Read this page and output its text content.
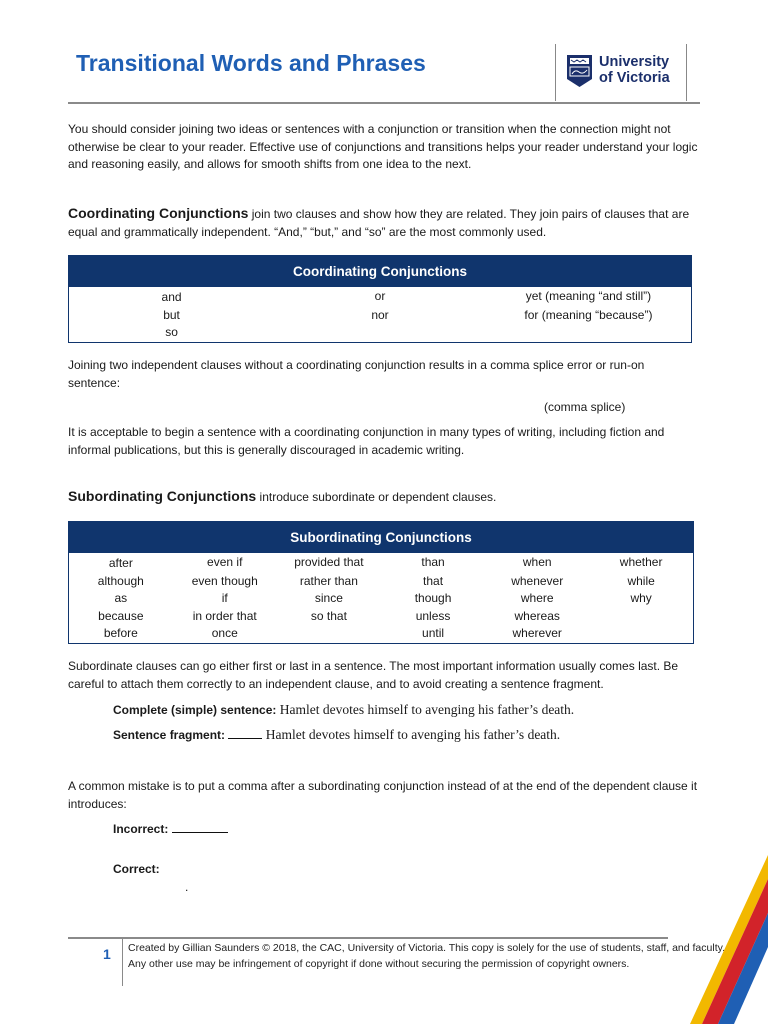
Transitional Words and Phrases	University
of Victoria
You should consider joining two ideas or sentences with a conjunction or transition when the connection might not otherwise be clear to your reader. Effective use of conjunctions and transitions helps your reader understand your logic and reasoning easily, and allows for smooth shifts from one idea to the next.
Coordinating Conjunctions join two clauses and show how they are related. They join pairs of clauses that are equal and grammatically independent. “And,” “but,” and “so” are the most commonly used.
Coordinating Conjunctions		
and	or	yet (meaning “and still”)
but	nor	for (meaning “because”)
so		
Joining two independent clauses without a coordinating conjunction results in a comma splice error or run-on sentence:
(comma splice)
It is acceptable to begin a sentence with a coordinating conjunction in many types of writing, including fiction and informal publications, but this is generally discouraged in academic writing.
Subordinating Conjunctions introduce subordinate or dependent clauses.
Subordinating Conjunctions					
after	even if	provided that	than	when	whether
although	even though	rather than	that	whenever	while
as	if	since	though	where	why
because	in order that	so that	unless	whereas	
before	once		until	wherever	
Subordinate clauses can go either first or last in a sentence. The most important information usually comes last. Be careful to attach them correctly to an independent clause, and to avoid creating a sentence fragment.
Complete (simple) sentence: Hamlet devotes himself to avenging his father’s death.
Sentence fragment:	Hamlet devotes himself to avenging his father’s death.
A common mistake is to put a comma after a subordinating conjunction instead of at the end of the dependent clause it introduces:
Incorrect:
Correct:
.
1 Created by Gillian Saunders © 2018, the CAC, University of Victoria. This copy is solely for the use of students, staff, and faculty. Any other use may be infringement of copyright if done without securing the permission of copyright owners.
